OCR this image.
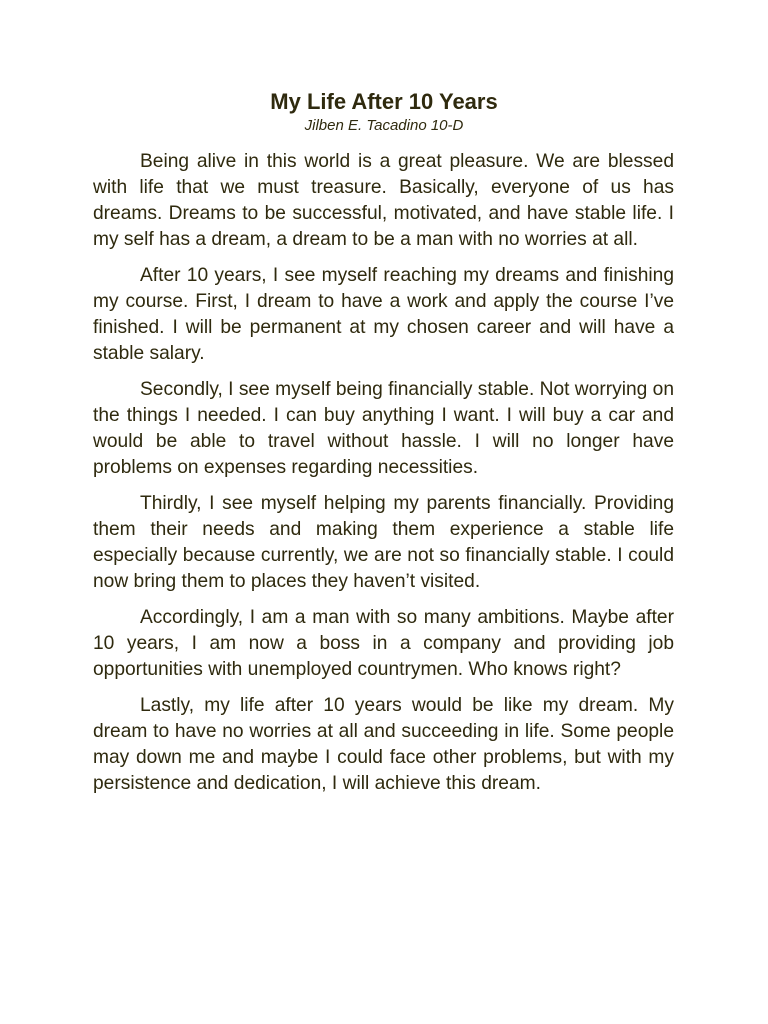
My Life After 10 Years

Jilben E. Tacadino 10-D

Being alive in this world is a great pleasure. We are blessed with life that we must treasure. Basically, everyone of us has dreams. Dreams to be successful, motivated, and have stable life. I my self has a dream, a dream to be a man with no worries at all.

After 10 years, I see myself reaching my dreams and finishing my course. First, I dream to have a work and apply the course I’ve finished. I will be permanent at my chosen career and will have a stable salary.

Secondly, I see myself being financially stable. Not worrying on the things I needed. I can buy anything I want. I will buy a car and would be able to travel without hassle. I will no longer have problems on expenses regarding necessities.

Thirdly, I see myself helping my parents financially. Providing them their needs and making them experience a stable life especially because currently, we are not so financially stable. I could now bring them to places they haven’t visited.

Accordingly, I am a man with so many ambitions. Maybe after 10 years, I am now a boss in a company and providing job opportunities with unemployed countrymen. Who knows right?

Lastly, my life after 10 years would be like my dream. My dream to have no worries at all and succeeding in life. Some people may down me and maybe I could face other problems, but with my persistence and dedication, I will achieve this dream.
